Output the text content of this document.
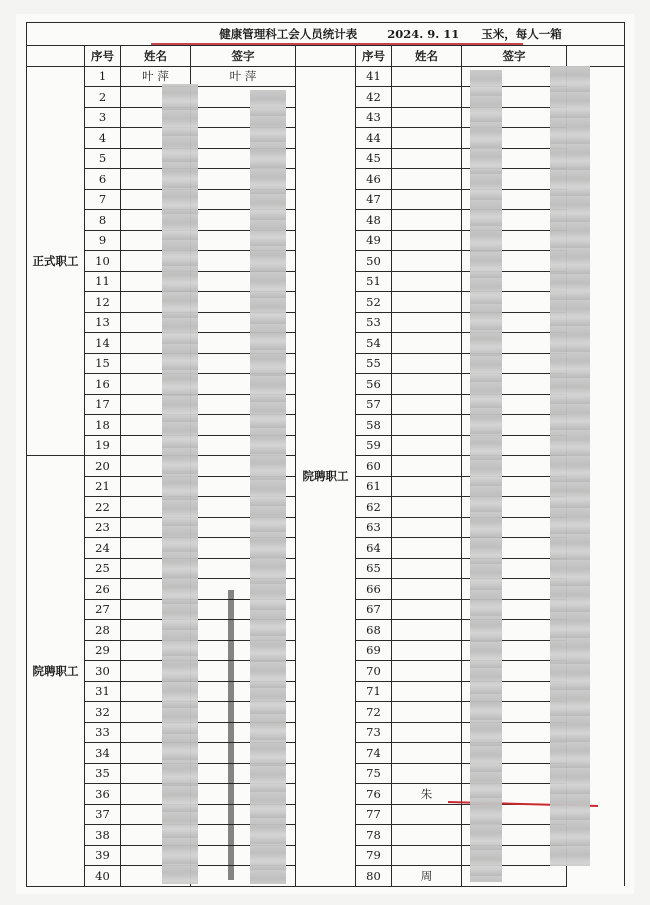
健康管理科工会人员统计表 2024. 9. 11 玉米，每人一箱								
	序号	姓名	签字		序号	姓名	签字	
正式职工	1	叶 萍	叶 萍	院聘职工	41			
	2				42			
	3				43			
	4				44			
	5				45			
	6				46			
	7				47			
	8				48			
	9				49			
	10				50			
	11				51			
	12				52			
	13				53			
	14				54			
	15				55			
	16				56			
	17				57			
	18				58			
	19				59			
院聘职工	20				60			
	21				61			
	22				62			
	23				63			
	24				64			
	25				65			
	26				66			
	27				67			
	28				68			
	29				69			
	30				70			
	31				71			
	32				72			
	33				73			
	34				74			
	35				75			
	36				76	朱		
	37				77			
	38				78			
	39				79			
	40				80	周		
